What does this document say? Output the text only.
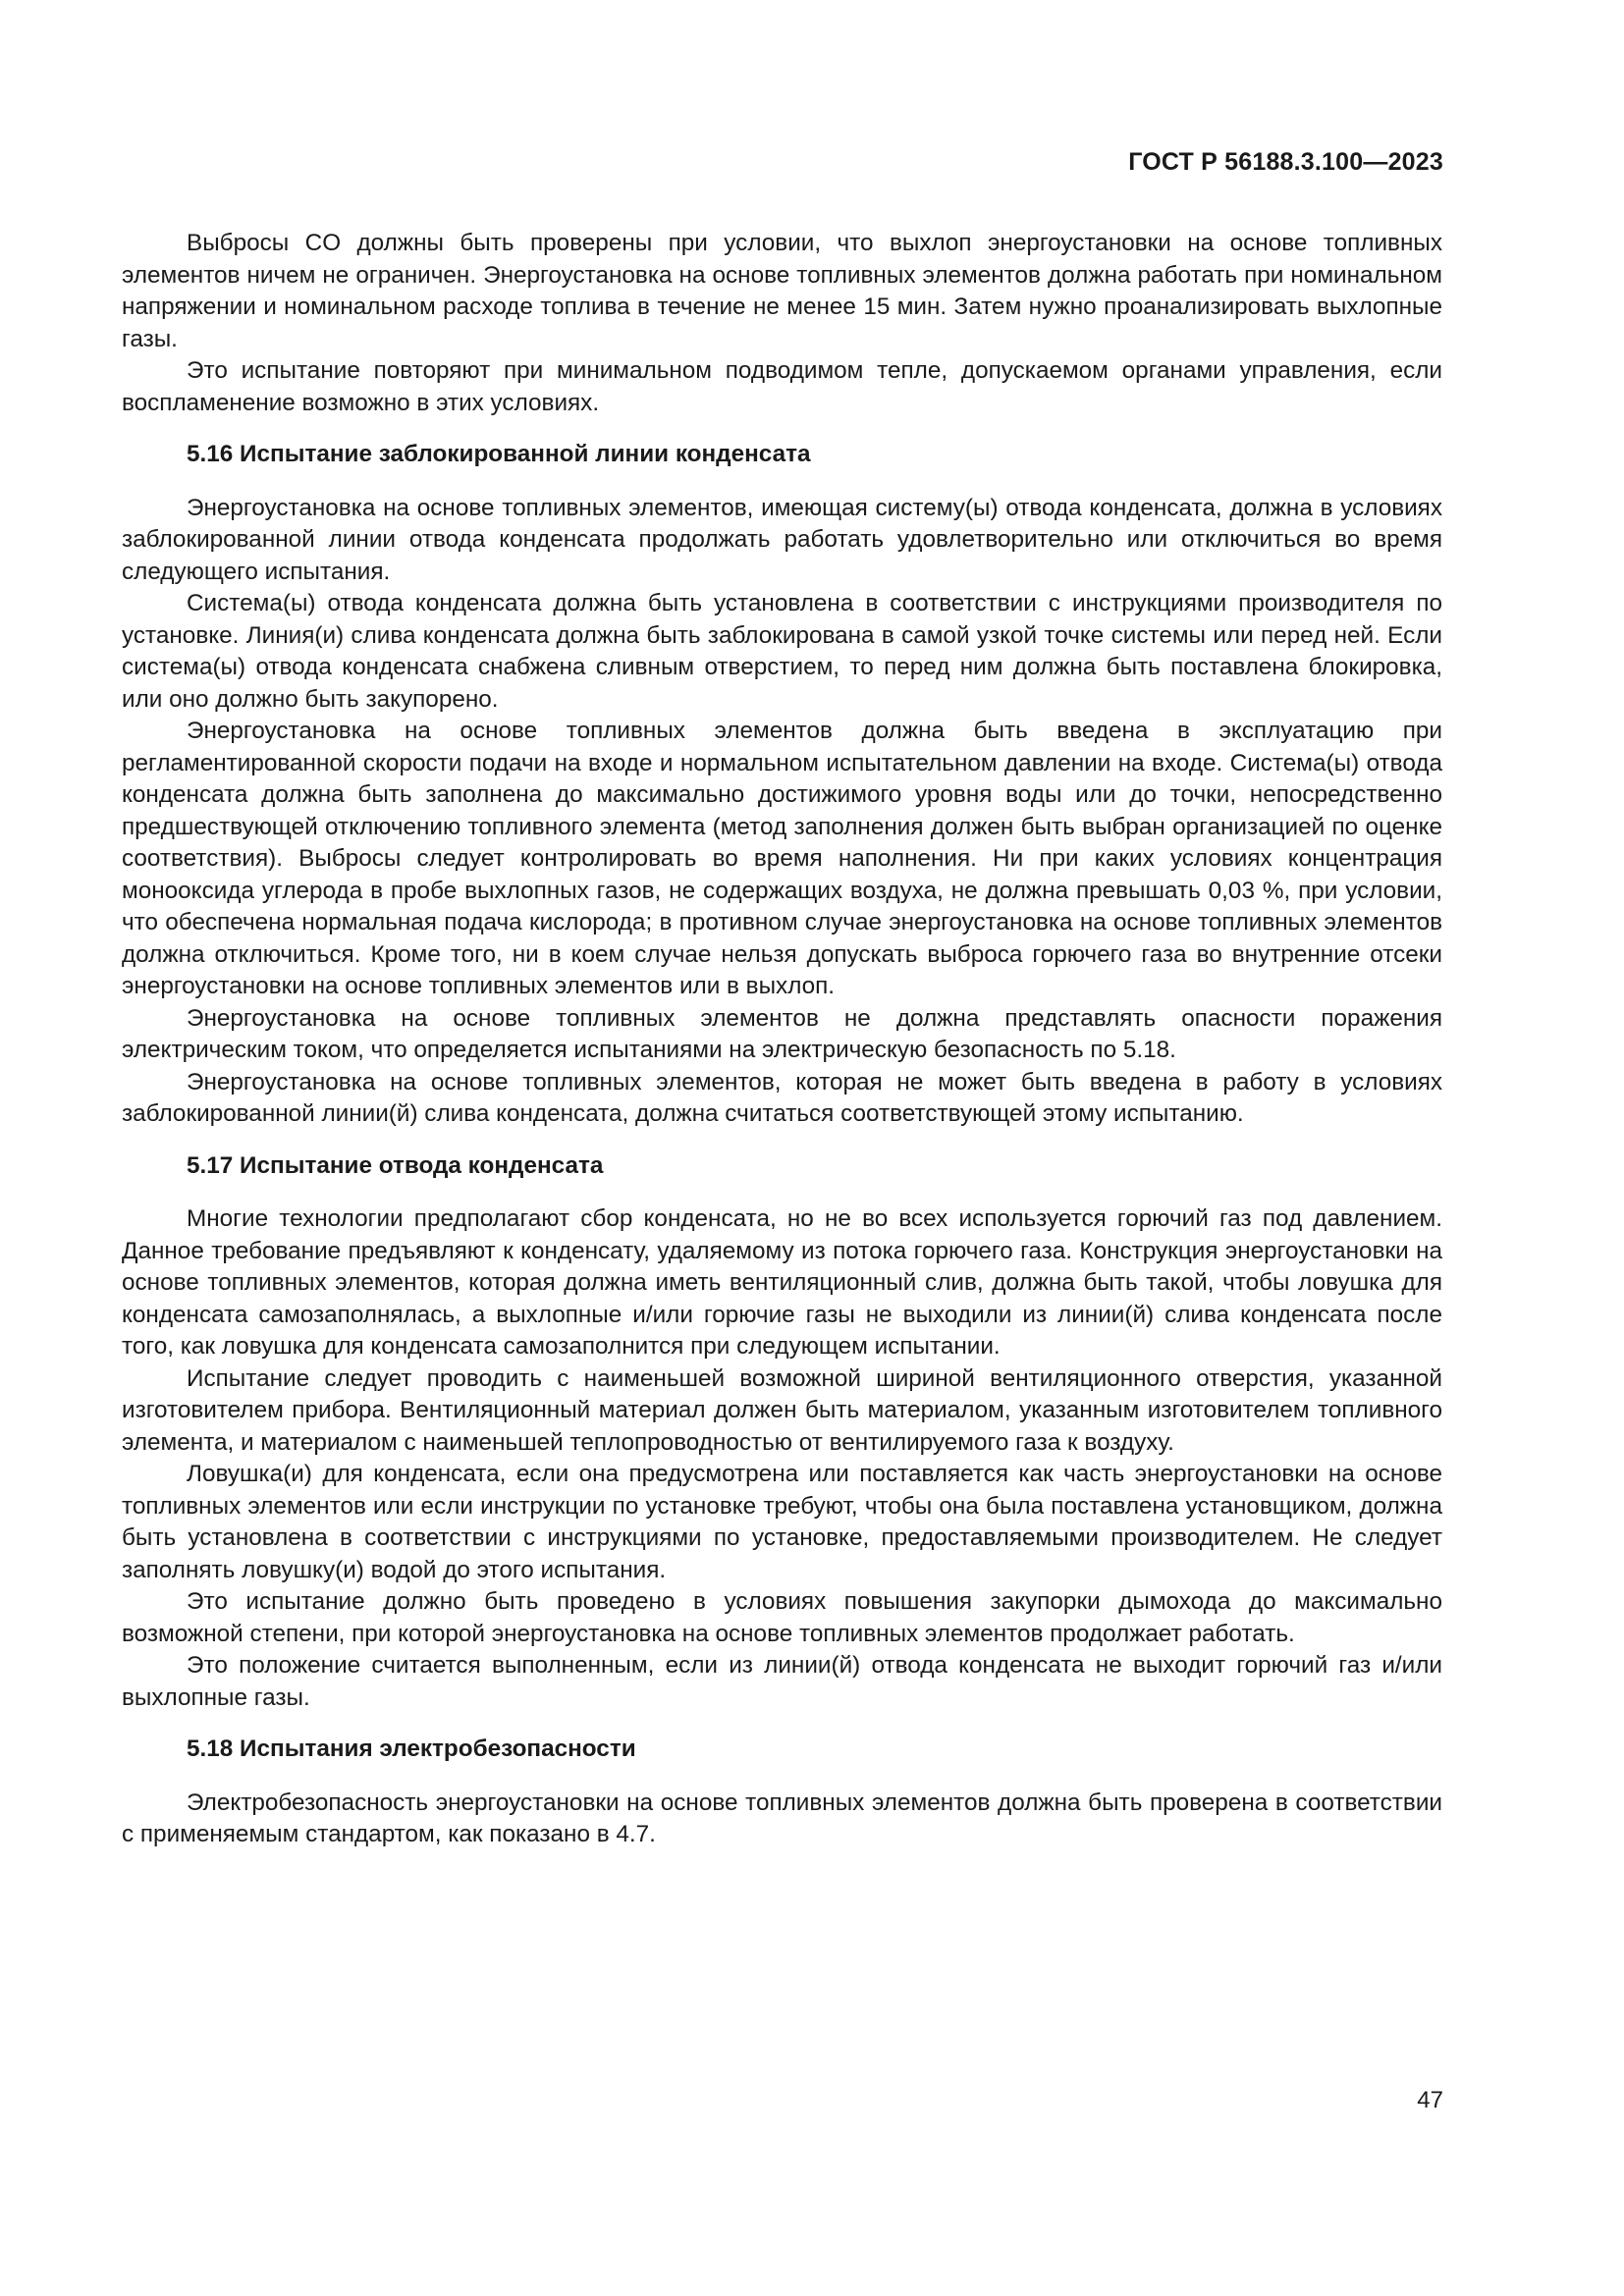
ГОСТ Р 56188.3.100—2023

Выбросы CO должны быть проверены при условии, что выхлоп энергоустановки на основе топливных элементов ничем не ограничен. Энергоустановка на основе топливных элементов должна работать при номинальном напряжении и номинальном расходе топлива в течение не менее 15 мин. Затем нужно проанализировать выхлопные газы.

Это испытание повторяют при минимальном подводимом тепле, допускаемом органами управления, если воспламенение возможно в этих условиях.

5.16 Испытание заблокированной линии конденсата

Энергоустановка на основе топливных элементов, имеющая систему(ы) отвода конденсата, должна в условиях заблокированной линии отвода конденсата продолжать работать удовлетворительно или отключиться во время следующего испытания.

Система(ы) отвода конденсата должна быть установлена в соответствии с инструкциями производителя по установке. Линия(и) слива конденсата должна быть заблокирована в самой узкой точке системы или перед ней. Если система(ы) отвода конденсата снабжена сливным отверстием, то перед ним должна быть поставлена блокировка, или оно должно быть закупорено.

Энергоустановка на основе топливных элементов должна быть введена в эксплуатацию при регламентированной скорости подачи на входе и нормальном испытательном давлении на входе. Система(ы) отвода конденсата должна быть заполнена до максимально достижимого уровня воды или до точки, непосредственно предшествующей отключению топливного элемента (метод заполнения должен быть выбран организацией по оценке соответствия). Выбросы следует контролировать во время наполнения. Ни при каких условиях концентрация монооксида углерода в пробе выхлопных газов, не содержащих воздуха, не должна превышать 0,03 %, при условии, что обеспечена нормальная подача кислорода; в противном случае энергоустановка на основе топливных элементов должна отключиться. Кроме того, ни в коем случае нельзя допускать выброса горючего газа во внутренние отсеки энергоустановки на основе топливных элементов или в выхлоп.

Энергоустановка на основе топливных элементов не должна представлять опасности поражения электрическим током, что определяется испытаниями на электрическую безопасность по 5.18.

Энергоустановка на основе топливных элементов, которая не может быть введена в работу в условиях заблокированной линии(й) слива конденсата, должна считаться соответствующей этому испытанию.

5.17 Испытание отвода конденсата

Многие технологии предполагают сбор конденсата, но не во всех используется горючий газ под давлением. Данное требование предъявляют к конденсату, удаляемому из потока горючего газа. Конструкция энергоустановки на основе топливных элементов, которая должна иметь вентиляционный слив, должна быть такой, чтобы ловушка для конденсата самозаполнялась, а выхлопные и/или горючие газы не выходили из линии(й) слива конденсата после того, как ловушка для конденсата самозаполнится при следующем испытании.

Испытание следует проводить с наименьшей возможной шириной вентиляционного отверстия, указанной изготовителем прибора. Вентиляционный материал должен быть материалом, указанным изготовителем топливного элемента, и материалом с наименьшей теплопроводностью от вентилируемого газа к воздуху.

Ловушка(и) для конденсата, если она предусмотрена или поставляется как часть энергоустановки на основе топливных элементов или если инструкции по установке требуют, чтобы она была поставлена установщиком, должна быть установлена в соответствии с инструкциями по установке, предоставляемыми производителем. Не следует заполнять ловушку(и) водой до этого испытания.

Это испытание должно быть проведено в условиях повышения закупорки дымохода до максимально возможной степени, при которой энергоустановка на основе топливных элементов продолжает работать.

Это положение считается выполненным, если из линии(й) отвода конденсата не выходит горючий газ и/или выхлопные газы.

5.18 Испытания электробезопасности

Электробезопасность энергоустановки на основе топливных элементов должна быть проверена в соответствии с применяемым стандартом, как показано в 4.7.

47
